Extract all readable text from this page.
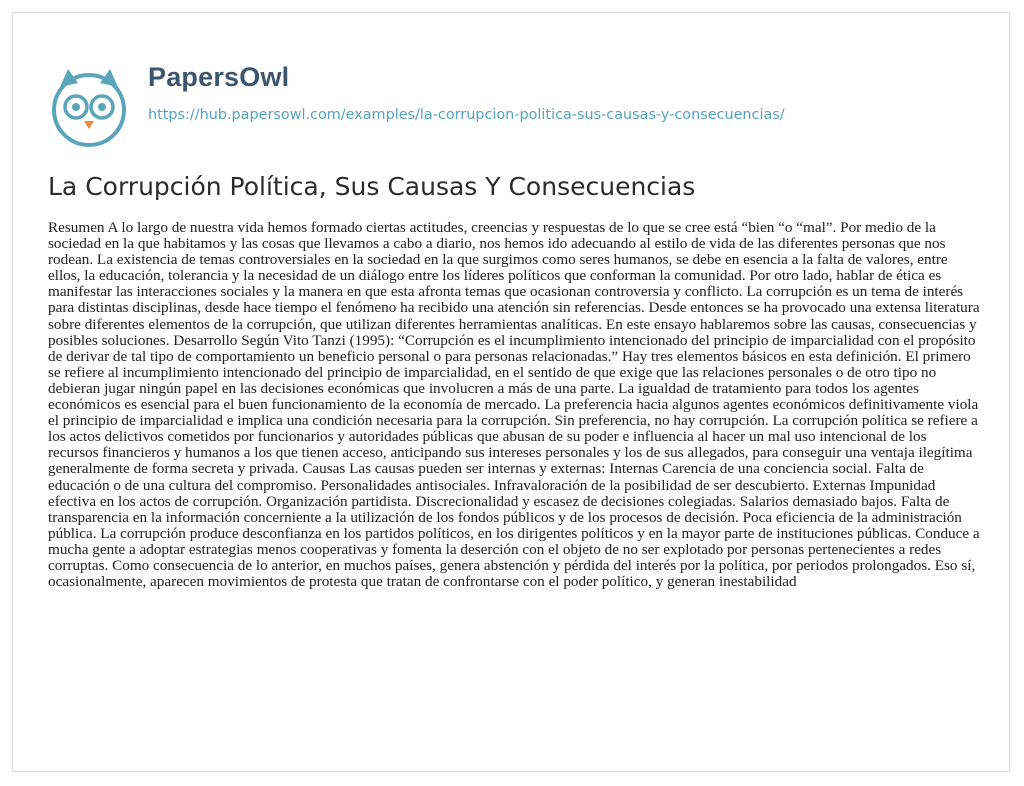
PapersOwl
https://hub.papersowl.com/examples/la-corrupcion-politica-sus-causas-y-consecuencias/
La Corrupción Política, Sus Causas Y Consecuencias

Resumen A lo largo de nuestra vida hemos formado ciertas actitudes, creencias y respuestas de lo que se cree está “bien “o “mal”. Por medio de la sociedad en la que habitamos y las cosas que llevamos a cabo a diario, nos hemos ido adecuando al estilo de vida de las diferentes personas que nos rodean. La existencia de temas controversiales en la sociedad en la que surgimos como seres humanos, se debe en esencia a la falta de valores, entre ellos, la educación, tolerancia y la necesidad de un diálogo entre los líderes políticos que conforman la comunidad. Por otro lado, hablar de ética es manifestar las interacciones sociales y la manera en que esta afronta temas que ocasionan controversia y conflicto. La corrupción es un tema de interés para distintas disciplinas, desde hace tiempo el fenómeno ha recibido una atención sin referencias. Desde entonces se ha provocado una extensa literatura sobre diferentes elementos de la corrupción, que utilizan diferentes herramientas analíticas. En este ensayo hablaremos sobre las causas, consecuencias y posibles soluciones. Desarrollo Según Vito Tanzi (1995): “Corrupción es el incumplimiento intencionado del principio de imparcialidad con el propósito de derivar de tal tipo de comportamiento un beneficio personal o para personas relacionadas.” Hay tres elementos básicos en esta definición. El primero se refiere al incumplimiento intencionado del principio de imparcialidad, en el sentido de que exige que las relaciones personales o de otro tipo no debieran jugar ningún papel en las decisiones económicas que involucren a más de una parte. La igualdad de tratamiento para todos los agentes económicos es esencial para el buen funcionamiento de la economía de mercado. La preferencia hacia algunos agentes económicos definitivamente viola el principio de imparcialidad e implica una condición necesaria para la corrupción. Sin preferencia, no hay corrupción. La corrupción política se refiere a los actos delictivos cometidos por funcionarios y autoridades públicas que abusan de su poder e influencia al hacer un mal uso intencional de los recursos financieros y humanos a los que tienen acceso, anticipando sus intereses personales y los de sus allegados, para conseguir una ventaja ilegítima generalmente de forma secreta y privada. Causas Las causas pueden ser internas y externas: Internas Carencia de una conciencia social. Falta de educación o de una cultura del compromiso. Personalidades antisociales. Infravaloración de la posibilidad de ser descubierto. Externas Impunidad efectiva en los actos de corrupción. Organización partidista. Discrecionalidad y escasez de decisiones colegiadas. Salarios demasiado bajos. Falta de transparencia en la información concerniente a la utilización de los fondos públicos y de los procesos de decisión. Poca eficiencia de la administración pública. La corrupción produce desconfianza en los partidos políticos, en los dirigentes políticos y en la mayor parte de instituciones públicas. Conduce a mucha gente a adoptar estrategias menos cooperativas y fomenta la deserción con el objeto de no ser explotado por personas pertenecientes a redes corruptas. Como consecuencia de lo anterior, en muchos países, genera abstención y pérdida del interés por la política, por periodos prolongados. Eso sí, ocasionalmente, aparecen movimientos de protesta que tratan de confrontarse con el poder político, y generan inestabilidad
